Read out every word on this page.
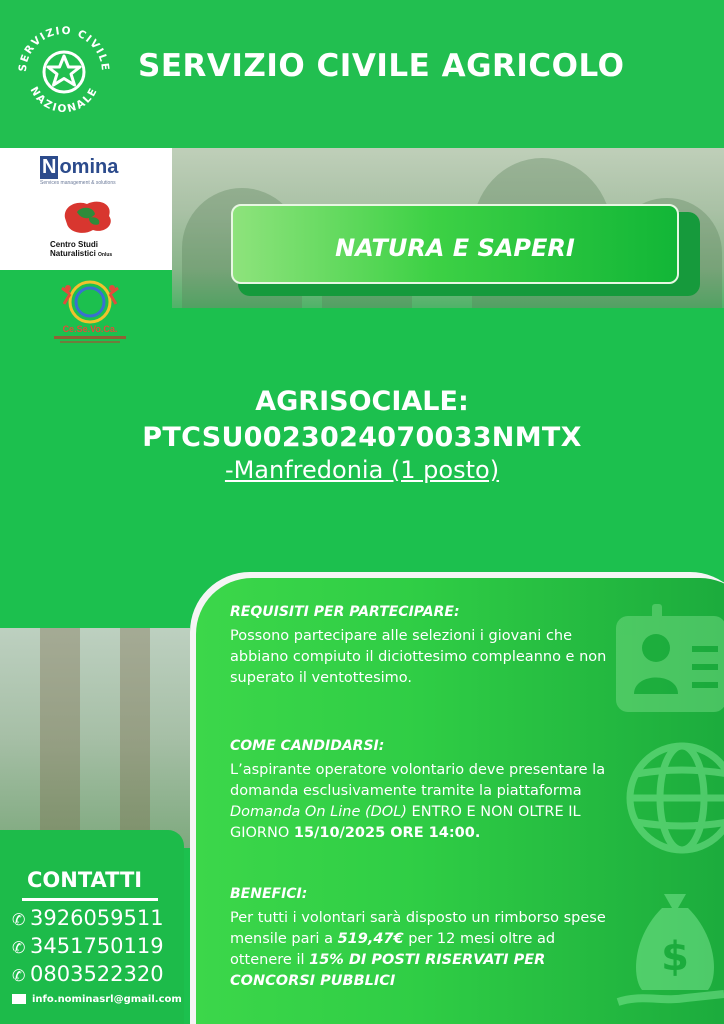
SERVIZIO CIVILE
NAZIONALE
SERVIZIO CIVILE AGRICOLO
N omina
Services management & solutions
Centro Studi
Naturalistici Onlus
Ce.Se.Vo.Ca.
NATURA E SAPERI
AGRISOCIALE:
PTCSU0023024070033NMTX
-Manfredonia (1 posto)
CONTATTI
✆ 3926059511
✆ 3451750119
✆ 0803522320
info.nominasrl@gmail.com
$
REQUISITI PER PARTECIPARE:
Possono partecipare alle selezioni i giovani che abbiano compiuto il diciottesimo compleanno e non superato il ventottesimo.
COME CANDIDARSI:
L’aspirante operatore volontario deve presentare la domanda esclusivamente tramite la piattaforma Domanda On Line (DOL) ENTRO E NON OLTRE IL GIORNO 15/10/2025 ORE 14:00.
BENEFICI:
Per tutti i volontari sarà disposto un rimborso spese mensile pari a 519,47€ per 12 mesi oltre ad ottenere il 15% DI POSTI RISERVATI PER CONCORSI PUBBLICI
